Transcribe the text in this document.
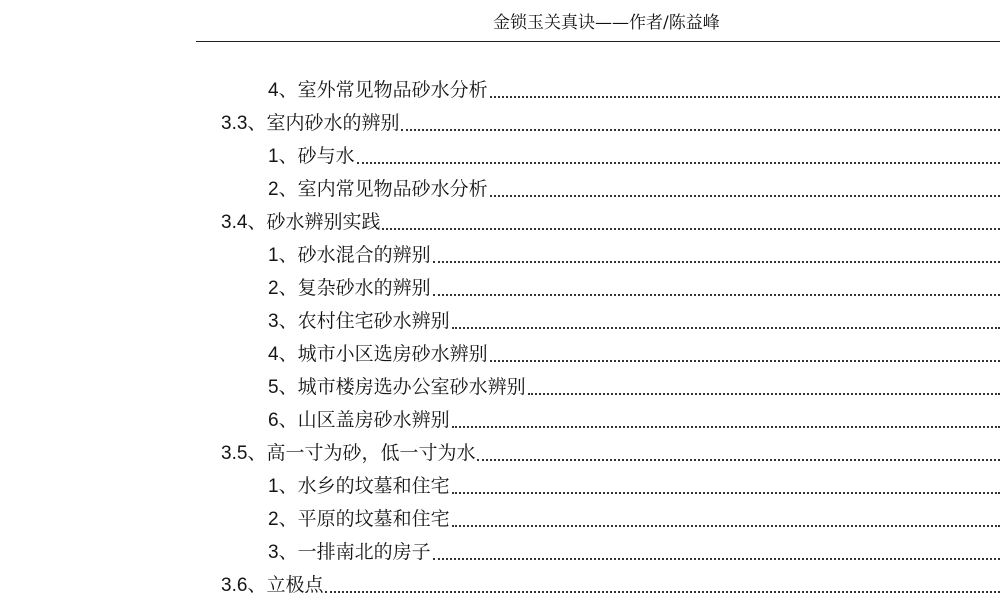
金锁玉关真诀——作者/陈益峰
4、室外常见物品砂水分析
3.3、室内砂水的辨别
1、砂与水
2、室内常见物品砂水分析
3.4、砂水辨别实践
1、砂水混合的辨别
2、复杂砂水的辨别
3、农村住宅砂水辨别
4、城市小区选房砂水辨别
5、城市楼房选办公室砂水辨别
6、山区盖房砂水辨别
3.5、高一寸为砂，低一寸为水
1、水乡的坟墓和住宅
2、平原的坟墓和住宅
3、一排南北的房子
3.6、立极点
